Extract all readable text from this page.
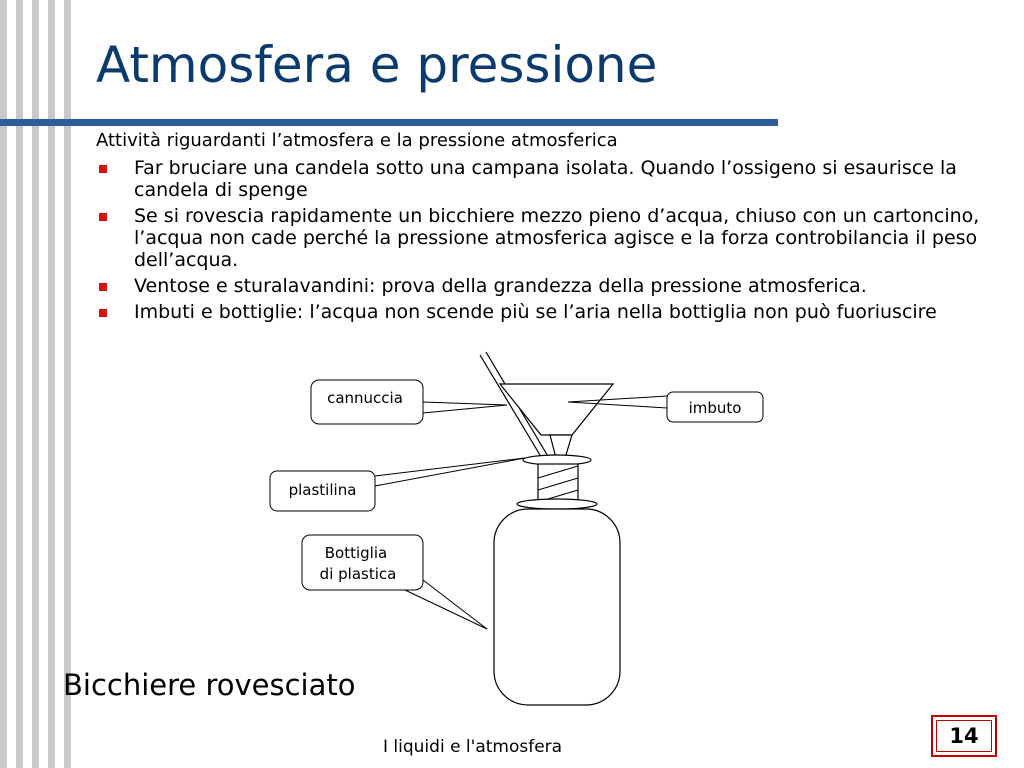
Atmosfera e pressione
Attività riguardanti l’atmosfera e la pressione atmosferica
Far bruciare una candela sotto una campana isolata. Quando l’ossigeno si esaurisce la candela di spenge
Se si rovescia rapidamente un bicchiere mezzo pieno d’acqua, chiuso con un cartoncino, l’acqua non cade perché la pressione atmosferica agisce e la forza controbilancia il peso dell’acqua.
Ventose e sturalavandini: prova della grandezza della pressione atmosferica.
Imbuti e bottiglie: l’acqua non scende più se l’aria nella bottiglia non può fuoriuscire
cannuccia
imbuto
plastilina
Bottiglia
di plastica
Bicchiere rovesciato
I liquidi e l'atmosfera	14
